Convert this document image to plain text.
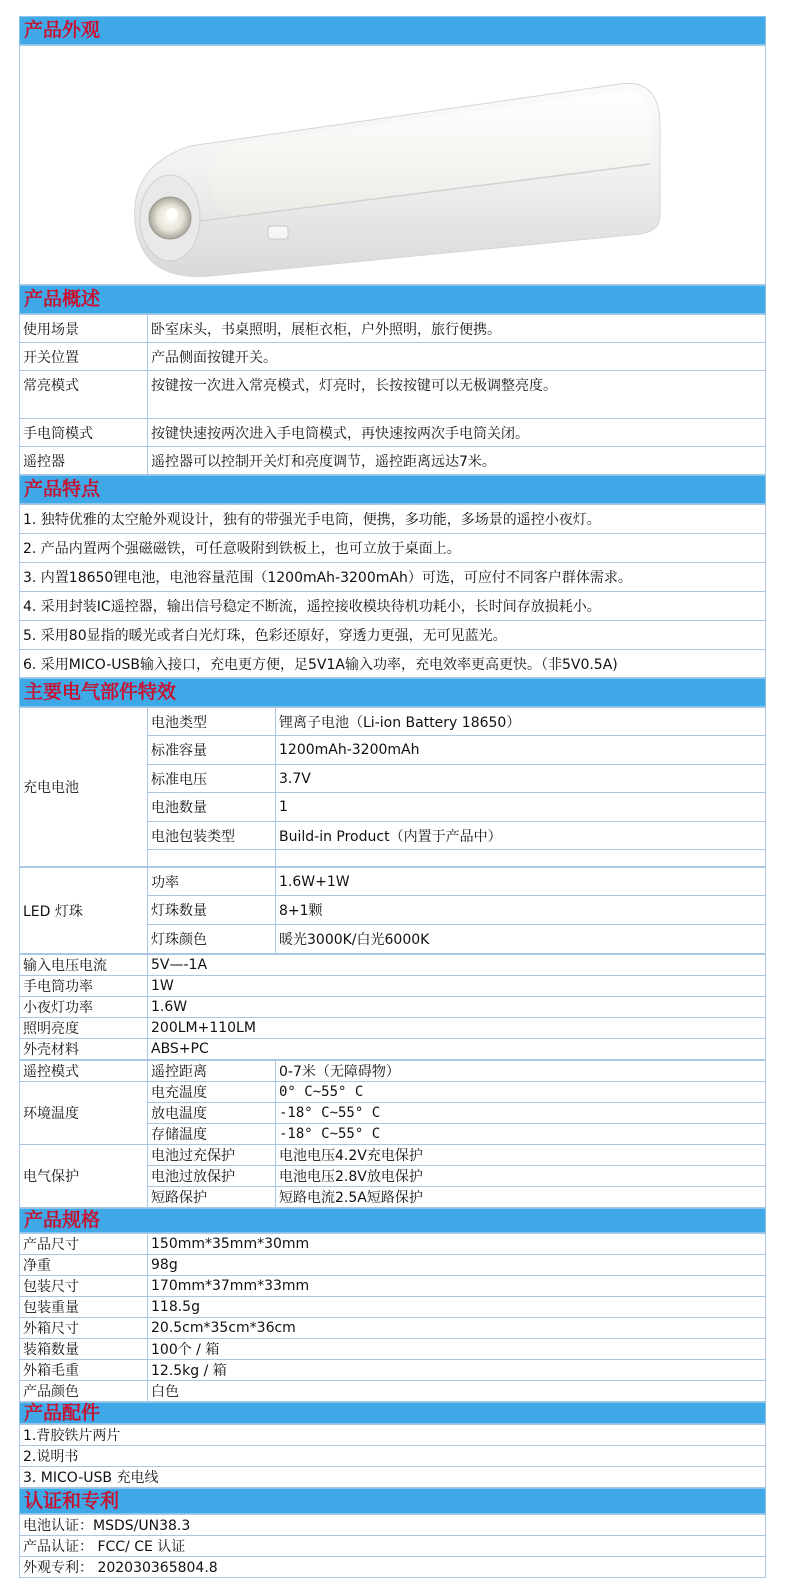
产品外观
产品概述
使用场景	卧室床头，书桌照明，展柜衣柜，户外照明，旅行便携。
开关位置	产品侧面按键开关。
常亮模式	按键按一次进入常亮模式，灯亮时，长按按键可以无极调整亮度。
手电筒模式	按键快速按两次进入手电筒模式，再快速按两次手电筒关闭。
遥控器	遥控器可以控制开关灯和亮度调节，遥控距离远达7米。
产品特点
1. 独特优雅的太空舱外观设计，独有的带强光手电筒，便携，多功能，多场景的遥控小夜灯。
2. 产品内置两个强磁磁铁，可任意吸附到铁板上，也可立放于桌面上。
3. 内置18650锂电池，电池容量范围（1200mAh-3200mAh）可选，可应付不同客户群体需求。
4. 采用封装IC遥控器，输出信号稳定不断流，遥控接收模块待机功耗小，长时间存放损耗小。
5. 采用80显指的暖光或者白光灯珠，色彩还原好，穿透力更强，无可见蓝光。
6. 采用MICO-USB输入接口，充电更方便，足5V1A输入功率，充电效率更高更快。（非5V0.5A)
主要电气部件特效
充电电池	电池类型	锂离子电池（Li-ion Battery 18650）
	标准容量	1200mAh-3200mAh
	标准电压	3.7V
	电池数量	1
	电池包装类型	Build-in Product（内置于产品中）

LED 灯珠	功率	1.6W+1W
	灯珠数量	8+1颗
	灯珠颜色	暖光3000K/白光6000K
输入电压电流	5V—-1A
手电筒功率	1W
小夜灯功率	1.6W
照明亮度	200LM+110LM
外壳材料	ABS+PC
遥控模式	遥控距离	0-7米（无障碍物）
环境温度	电充温度	0° C~55° C
	放电温度	-18° C~55° C
	存储温度	-18° C~55° C
电气保护	电池过充保护	电池电压4.2V充电保护
	电池过放保护	电池电压2.8V放电保护
	短路保护	短路电流2.5A短路保护
产品规格
产品尺寸	150mm*35mm*30mm
净重	98g
包装尺寸	170mm*37mm*33mm
包装重量	118.5g
外箱尺寸	20.5cm*35cm*36cm
装箱数量	100个 / 箱
外箱毛重	12.5kg / 箱
产品颜色	白色
产品配件
1.背胶铁片两片
2.说明书
3. MICO-USB 充电线
认证和专利
电池认证：MSDS/UN38.3
产品认证： FCC/ CE 认证
外观专利： 202030365804.8
